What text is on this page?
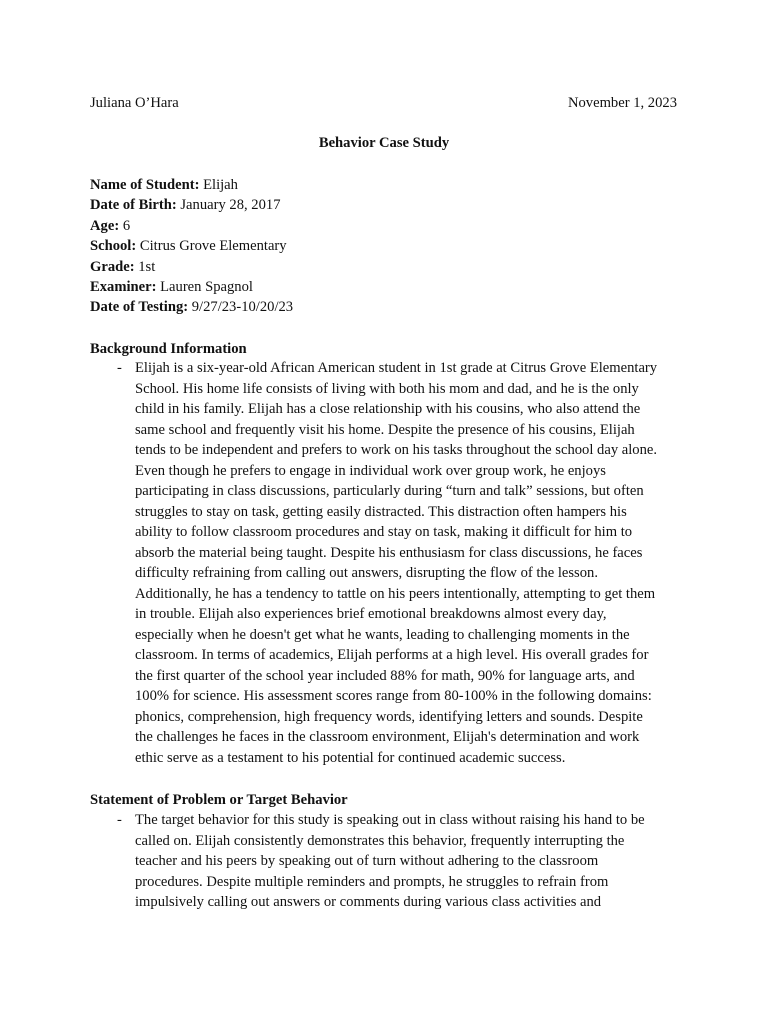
Juliana O’Hara	November 1, 2023
Behavior Case Study
Name of Student: Elijah
Date of Birth: January 28, 2017
Age: 6
School: Citrus Grove Elementary
Grade: 1st
Examiner: Lauren Spagnol
Date of Testing: 9/27/23-10/20/23
Background Information
- Elijah is a six-year-old African American student in 1st grade at Citrus Grove Elementary
School. His home life consists of living with both his mom and dad, and he is the only
child in his family. Elijah has a close relationship with his cousins, who also attend the
same school and frequently visit his home. Despite the presence of his cousins, Elijah
tends to be independent and prefers to work on his tasks throughout the school day alone.
Even though he prefers to engage in individual work over group work, he enjoys
participating in class discussions, particularly during “turn and talk” sessions, but often
struggles to stay on task, getting easily distracted. This distraction often hampers his
ability to follow classroom procedures and stay on task, making it difficult for him to
absorb the material being taught. Despite his enthusiasm for class discussions, he faces
difficulty refraining from calling out answers, disrupting the flow of the lesson.
Additionally, he has a tendency to tattle on his peers intentionally, attempting to get them
in trouble. Elijah also experiences brief emotional breakdowns almost every day,
especially when he doesn't get what he wants, leading to challenging moments in the
classroom. In terms of academics, Elijah performs at a high level. His overall grades for
the first quarter of the school year included 88% for math, 90% for language arts, and
100% for science. His assessment scores range from 80-100% in the following domains:
phonics, comprehension, high frequency words, identifying letters and sounds. Despite
the challenges he faces in the classroom environment, Elijah's determination and work
ethic serve as a testament to his potential for continued academic success.
Statement of Problem or Target Behavior
- The target behavior for this study is speaking out in class without raising his hand to be
called on. Elijah consistently demonstrates this behavior, frequently interrupting the
teacher and his peers by speaking out of turn without adhering to the classroom
procedures. Despite multiple reminders and prompts, he struggles to refrain from
impulsively calling out answers or comments during various class activities and
